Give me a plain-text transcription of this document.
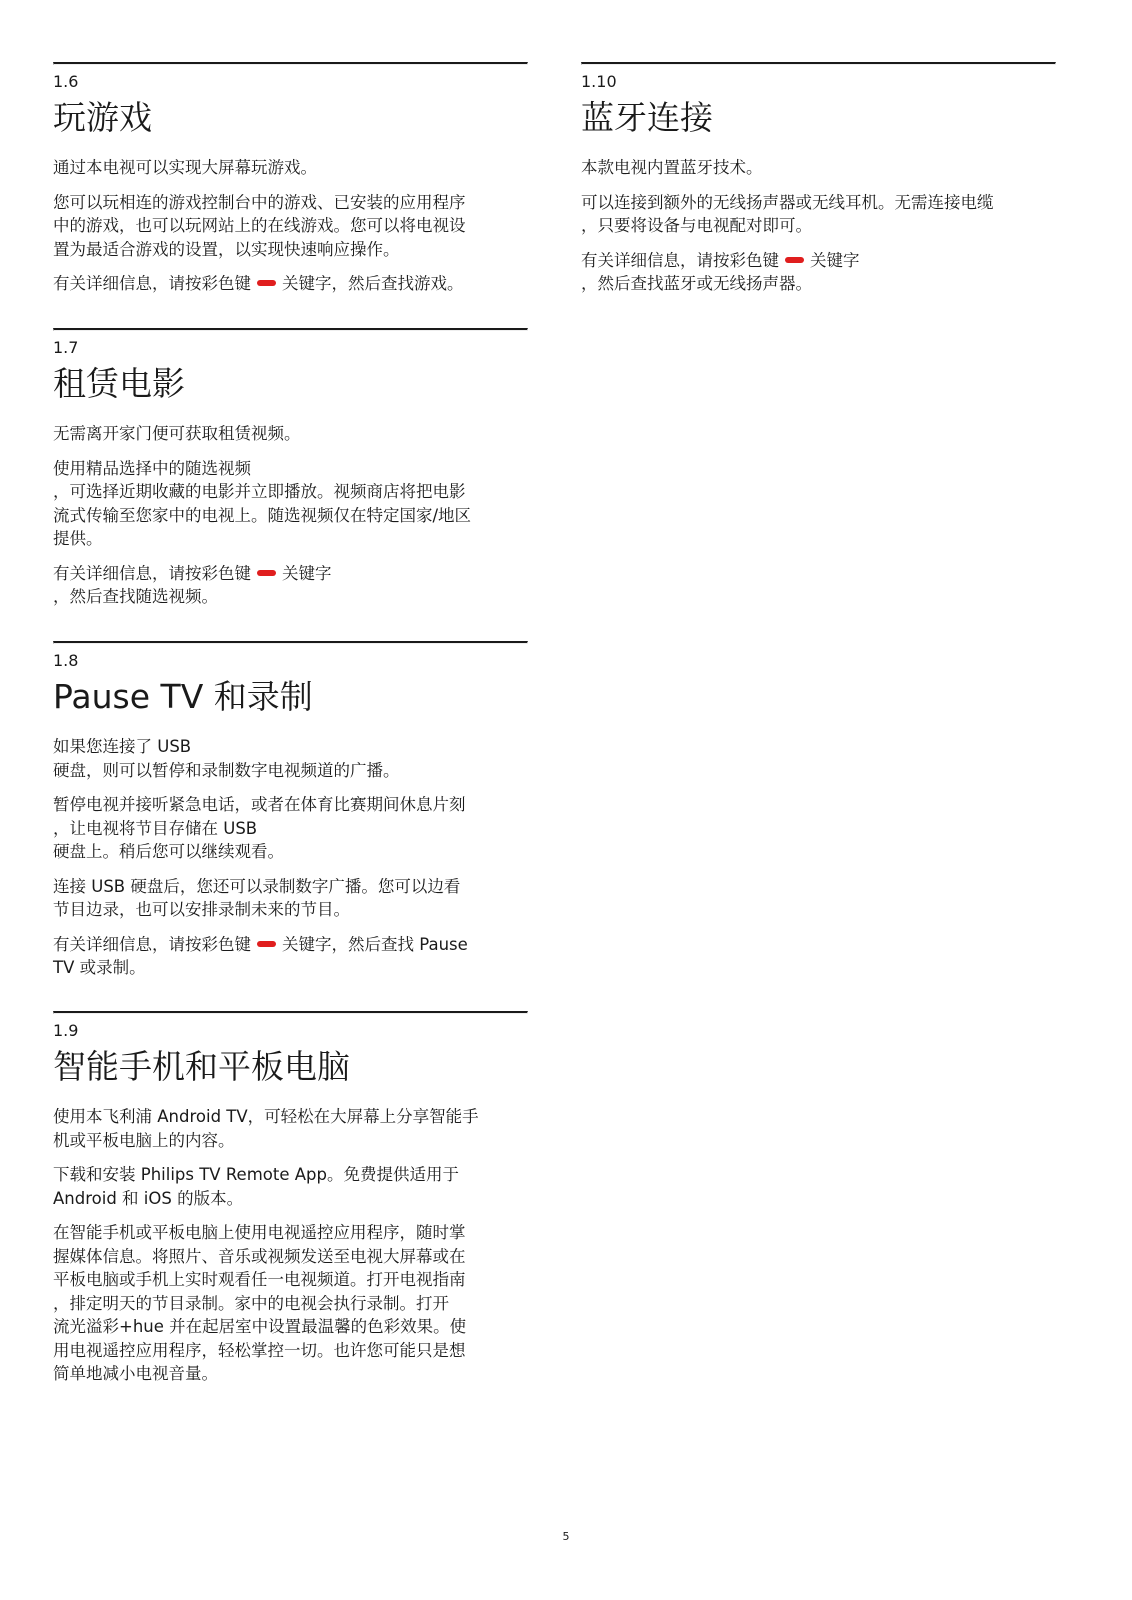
1.6
玩游戏

通过本电视可以实现大屏幕玩游戏。

您可以玩相连的游戏控制台中的游戏、已安装的应用程序
中的游戏，也可以玩网站上的在线游戏。您可以将电视设
置为最适合游戏的设置，以实现快速响应操作。

有关详细信息，请按彩色键 关键字，然后查找游戏。

1.7
租赁电影

无需离开家门便可获取租赁视频。

使用精品选择中的随选视频
，可选择近期收藏的电影并立即播放。视频商店将把电影
流式传输至您家中的电视上。随选视频仅在特定国家/地区
提供。

有关详细信息，请按彩色键 关键字
，然后查找随选视频。

1.8
Pause TV 和录制

如果您连接了 USB
硬盘，则可以暂停和录制数字电视频道的广播。

暂停电视并接听紧急电话，或者在体育比赛期间休息片刻
，让电视将节目存储在 USB
硬盘上。稍后您可以继续观看。

连接 USB 硬盘后，您还可以录制数字广播。您可以边看
节目边录，也可以安排录制未来的节目。

有关详细信息，请按彩色键 关键字，然后查找 Pause
TV 或录制。

1.9
智能手机和平板电脑

使用本飞利浦 Android TV，可轻松在大屏幕上分享智能手
机或平板电脑上的内容。

下载和安装 Philips TV Remote App。免费提供适用于
Android 和 iOS 的版本。

在智能手机或平板电脑上使用电视遥控应用程序，随时掌
握媒体信息。将照片、音乐或视频发送至电视大屏幕或在
平板电脑或手机上实时观看任一电视频道。打开电视指南
，排定明天的节目录制。家中的电视会执行录制。打开
流光溢彩+hue 并在起居室中设置最温馨的色彩效果。使
用电视遥控应用程序，轻松掌控一切。也许您可能只是想
简单地减小电视音量。

1.10
蓝牙连接

本款电视内置蓝牙技术。

可以连接到额外的无线扬声器或无线耳机。无需连接电缆
，只要将设备与电视配对即可。

有关详细信息，请按彩色键 关键字
，然后查找蓝牙或无线扬声器。

5
